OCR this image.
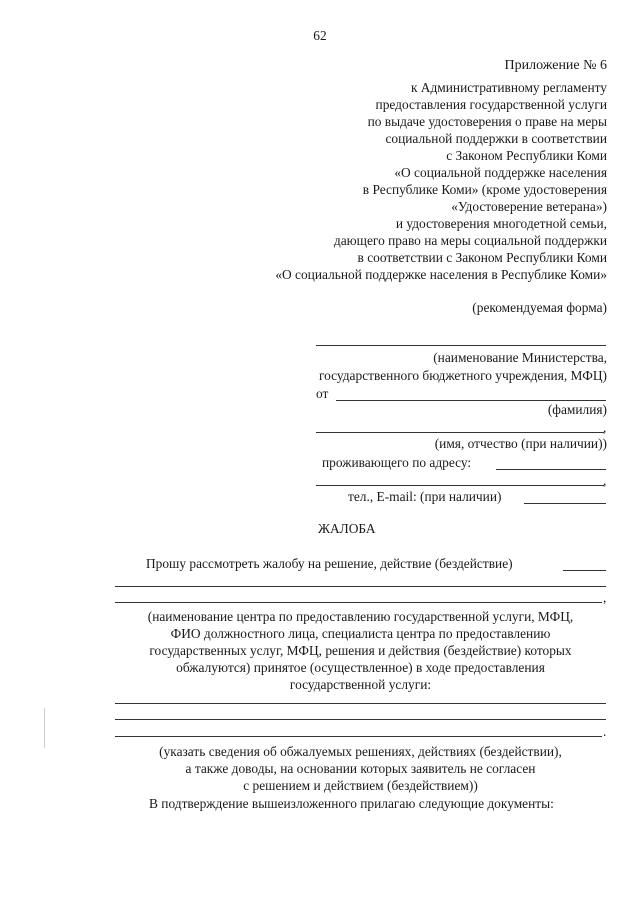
62
Приложение № 6
к Административному регламенту
предоставления государственной услуги
по выдаче удостоверения о праве на меры
социальной поддержки в соответствии
с Законом Республики Коми
«О социальной поддержке населения
в Республике Коми» (кроме удостоверения
«Удостоверение ветерана»)
и удостоверения многодетной семьи,
дающего право на меры социальной поддержки
в соответствии с Законом Республики Коми
«О социальной поддержке населения в Республике Коми»
(рекомендуемая форма)
(наименование Министерства,
государственного бюджетного учреждения, МФЦ)
от
(фамилия)
,
(имя, отчество (при наличии))
проживающего по адресу:
,
тел., E-mail: (при наличии)
ЖАЛОБА
Прошу рассмотреть жалобу на решение, действие (бездействие)
,
(наименование центра по предоставлению государственной услуги, МФЦ,
ФИО должностного лица, специалиста центра по предоставлению
государственных услуг, МФЦ, решения и действия (бездействие) которых
обжалуются) принятое (осуществленное) в ходе предоставления
государственной услуги:
.
(указать сведения об обжалуемых решениях, действиях (бездействии),
а также доводы, на основании которых заявитель не согласен
с решением и действием (бездействием))
В подтверждение вышеизложенного прилагаю следующие документы:
